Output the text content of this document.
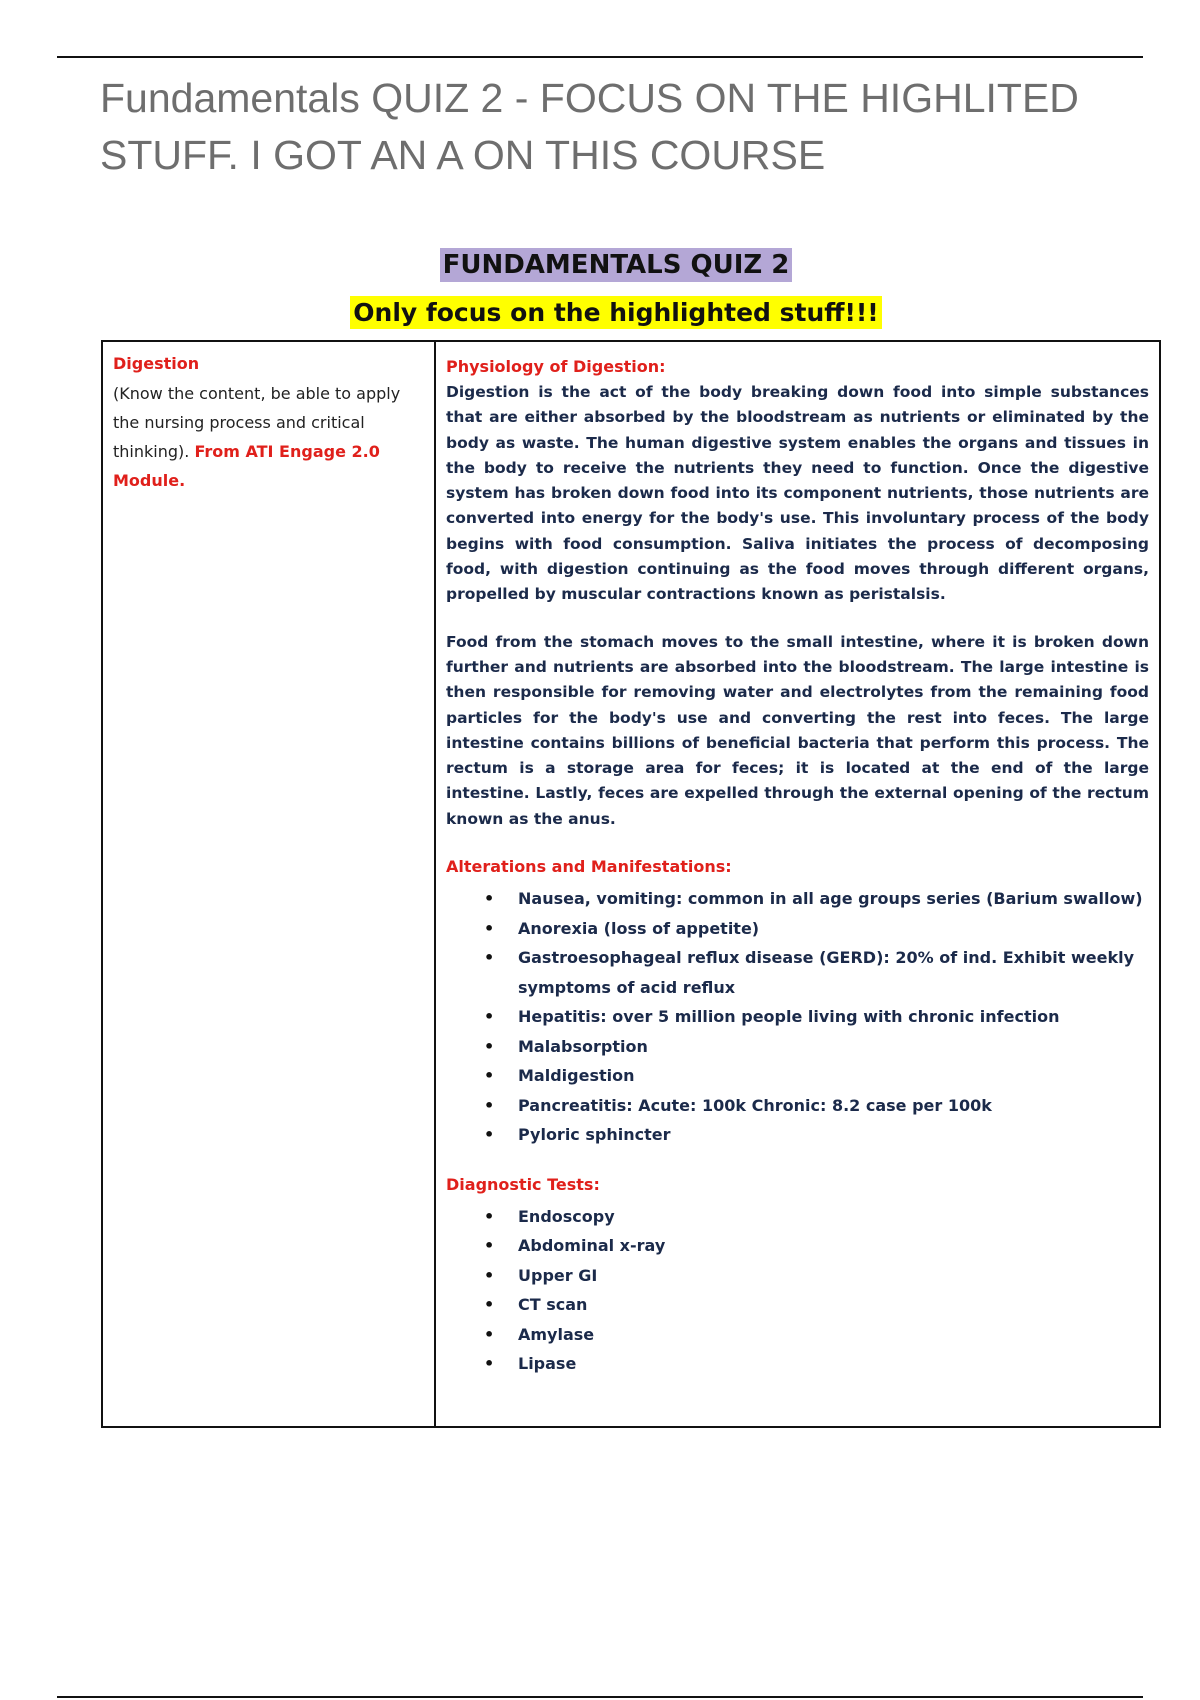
Fundamentals QUIZ 2 - FOCUS ON THE HIGHLITED STUFF. I GOT AN A ON THIS COURSE
FUNDAMENTALS QUIZ 2
Only focus on the highlighted stuff!!!
Digestion
(Know the content, be able to apply the nursing process and critical thinking). From ATI Engage 2.0 Module.
Physiology of Digestion:

Digestion is the act of the body breaking down food into simple substances that are either absorbed by the bloodstream as nutrients or eliminated by the body as waste. The human digestive system enables the organs and tissues in the body to receive the nutrients they need to function. Once the digestive system has broken down food into its component nutrients, those nutrients are converted into energy for the body's use. This involuntary process of the body begins with food consumption. Saliva initiates the process of decomposing food, with digestion continuing as the food moves through different organs, propelled by muscular contractions known as peristalsis.

Food from the stomach moves to the small intestine, where it is broken down further and nutrients are absorbed into the bloodstream. The large intestine is then responsible for removing water and electrolytes from the remaining food particles for the body's use and converting the rest into feces. The large intestine contains billions of beneficial bacteria that perform this process. The rectum is a storage area for feces; it is located at the end of the large intestine. Lastly, feces are expelled through the external opening of the rectum known as the anus.

Alterations and Manifestations:
• Nausea, vomiting: common in all age groups series (Barium swallow)
• Anorexia (loss of appetite)
• Gastroesophageal reflux disease (GERD): 20% of ind. Exhibit weekly symptoms of acid reflux
• Hepatitis: over 5 million people living with chronic infection
• Malabsorption
• Maldigestion
• Pancreatitis: Acute: 100k Chronic: 8.2 case per 100k
• Pyloric sphincter
Diagnostic Tests:
• Endoscopy
• Abdominal x-ray
• Upper GI
• CT scan
• Amylase
• Lipase
